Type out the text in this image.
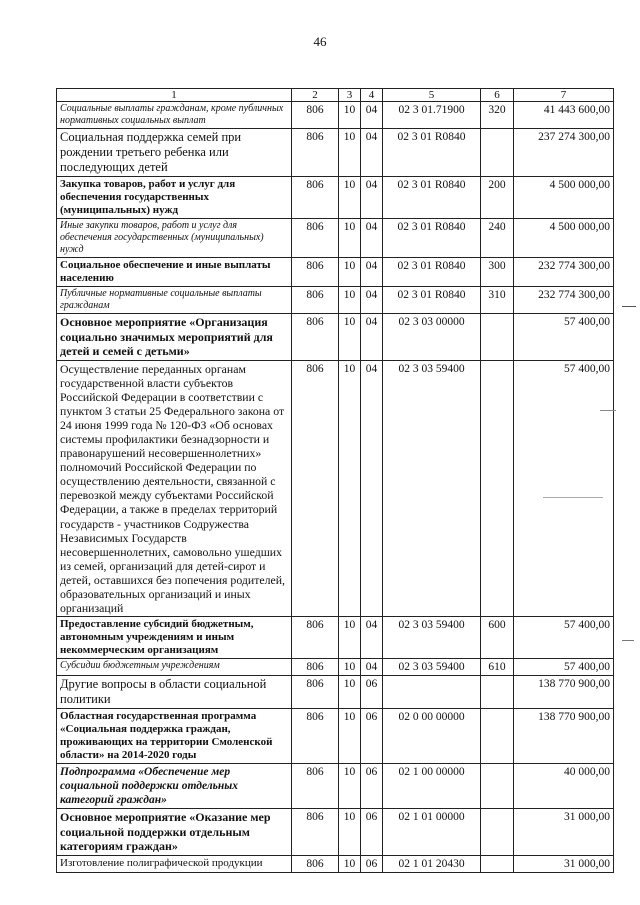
46
1	2	3	4	5	6	7
Социальные выплаты гражданам, кроме публичных нормативных социальных выплат	806	10	04	02 3 01.71900	320	41 443 600,00
Социальная поддержка семей при рождении третьего ребенка или последующих детей	806	10	04	02 3 01 R0840		237 274 300,00
Закупка товаров, работ и услуг для обеспечения государственных (муниципальных) нужд	806	10	04	02 3 01 R0840	200	4 500 000,00
Иные закупки товаров, работ и услуг для обеспечения государственных (муниципальных) нужд	806	10	04	02 3 01 R0840	240	4 500 000,00
Социальное обеспечение и иные выплаты населению	806	10	04	02 3 01 R0840	300	232 774 300,00
Публичные нормативные социальные выплаты гражданам	806	10	04	02 3 01 R0840	310	232 774 300,00
Основное мероприятие «Организация социально значимых мероприятий для детей и семей с детьми»	806	10	04	02 3 03 00000		57 400,00
Осуществление переданных органам государственной власти субъектов Российской Федерации в соответствии с пунктом 3 статьи 25 Федерального закона от 24 июня 1999 года № 120-ФЗ «Об основах системы профилактики безнадзорности и правонарушений несовершеннолетних» полномочий Российской Федерации по осуществлению деятельности, связанной с перевозкой между субъектами Российской Федерации, а также в пределах территорий государств - участников Содружества Независимых Государств несовершеннолетних, самовольно ушедших из семей, организаций для детей-сирот и детей, оставшихся без попечения родителей, образовательных организаций и иных организаций	806	10	04	02 3 03 59400		57 400,00
Предоставление субсидий бюджетным, автономным учреждениям и иным некоммерческим организациям	806	10	04	02 3 03 59400	600	57 400,00
Субсидии бюджетным учреждениям	806	10	04	02 3 03 59400	610	57 400,00
Другие вопросы в области социальной политики	806	10	06			138 770 900,00
Областная государственная программа «Социальная поддержка граждан, проживающих на территории Смоленской области» на 2014-2020 годы	806	10	06	02 0 00 00000		138 770 900,00
Подпрограмма «Обеспечение мер социальной поддержки отдельных категорий граждан»	806	10	06	02 1 00 00000		40 000,00
Основное мероприятие «Оказание мер социальной поддержки отдельным категориям граждан»	806	10	06	02 1 01 00000		31 000,00
Изготовление полиграфической продукции	806	10	06	02 1 01 20430		31 000,00
